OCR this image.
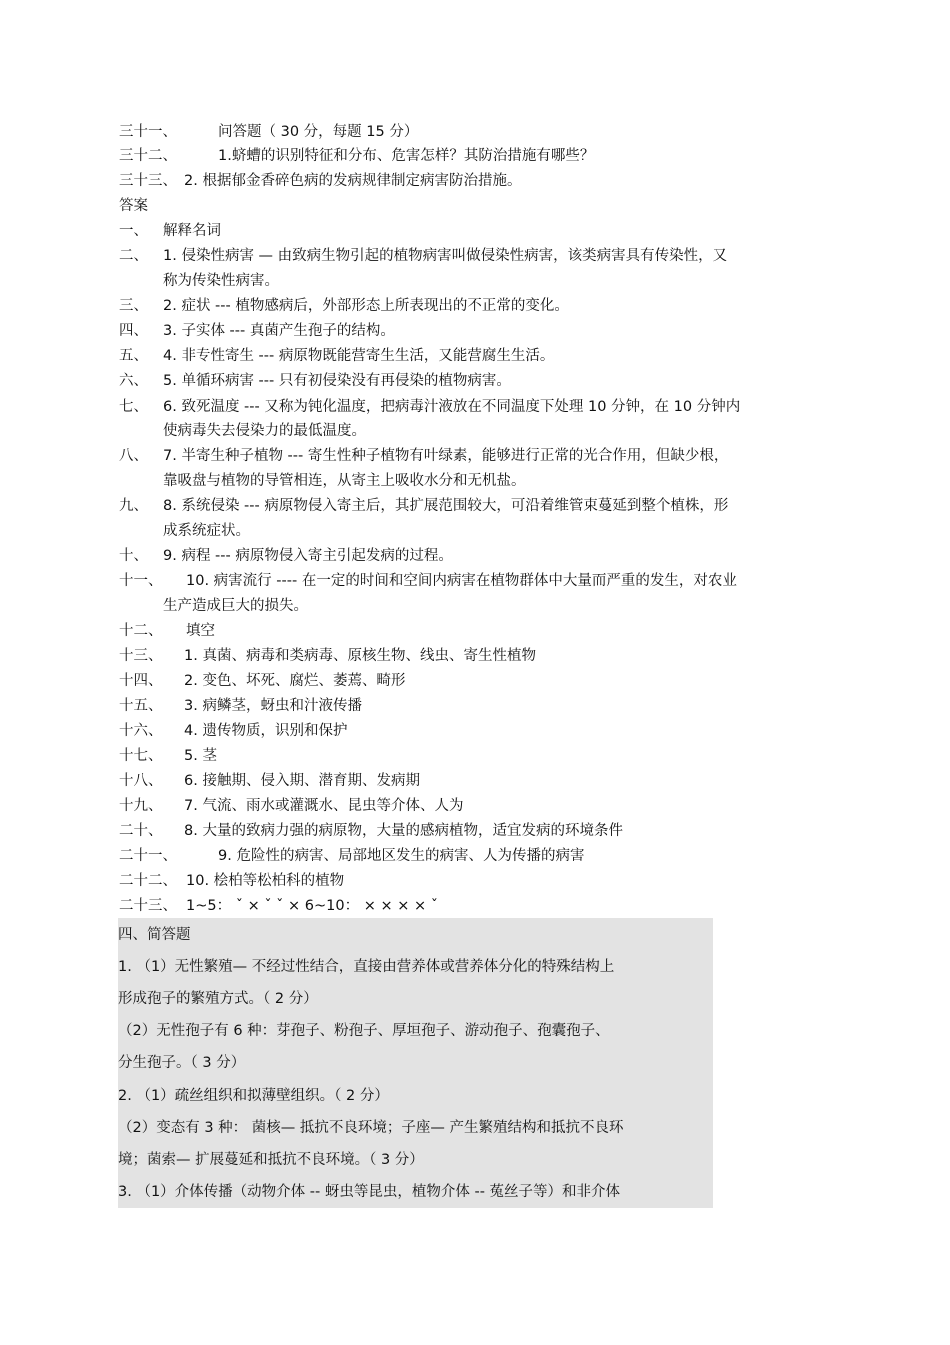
三十一、	问答题（ 30 分，每题 15 分）
三十二、	1.蛴螬的识别特征和分布、危害怎样？其防治措施有哪些？
三十三、 2. 根据郁金香碎色病的发病规律制定病害防治措施。
答案
一、 解释名词
二、 1. 侵染性病害 — 由致病生物引起的植物病害叫做侵染性病害，该类病害具有传染性，又
称为传染性病害。
三、 2. 症状 --- 植物感病后，外部形态上所表现出的不正常的变化。
四、 3. 子实体 --- 真菌产生孢子的结构。
五、 4. 非专性寄生 --- 病原物既能营寄生生活，又能营腐生生活。
六、 5. 单循环病害 --- 只有初侵染没有再侵染的植物病害。
七、 6. 致死温度 --- 又称为钝化温度，把病毒汁液放在不同温度下处理 10 分钟，在 10 分钟内
使病毒失去侵染力的最低温度。
八、 7. 半寄生种子植物 --- 寄生性种子植物有叶绿素，能够进行正常的光合作用，但缺少根，
靠吸盘与植物的导管相连，从寄主上吸收水分和无机盐。
九、 8. 系统侵染 --- 病原物侵入寄主后，其扩展范围较大，可沿着维管束蔓延到整个植株，形
成系统症状。
十、 9. 病程 --- 病原物侵入寄主引起发病的过程。
十一、 10. 病害流行 ---- 在一定的时间和空间内病害在植物群体中大量而严重的发生，对农业
生产造成巨大的损失。
十二、 填空
十三、 1. 真菌、病毒和类病毒、原核生物、线虫、寄生性植物
十四、 2. 变色、坏死、腐烂、萎蔫、畸形
十五、 3. 病鳞茎，蚜虫和汁液传播
十六、 4. 遗传物质，识别和保护
十七、 5. 茎
十八、 6. 接触期、侵入期、潜育期、发病期
十九、 7. 气流、雨水或灌溉水、昆虫等介体、人为
二十、 8. 大量的致病力强的病原物，大量的感病植物，适宜发病的环境条件
二十一、	9. 危险性的病害、局部地区发生的病害、人为传播的病害
二十二、 10. 桧柏等松柏科的植物
二十三、 1~5： ˇ × ˇ ˇ × 6~10： × × × × ˇ
四、简答题
1. （1）无性繁殖— 不经过性结合，直接由营养体或营养体分化的特殊结构上
形成孢子的繁殖方式。（ 2 分）
（2）无性孢子有 6 种：芽孢子、粉孢子、厚垣孢子、游动孢子、孢囊孢子、
分生孢子。（ 3 分）
2. （1）疏丝组织和拟薄壁组织。（ 2 分）
（2）变态有 3 种： 菌核— 抵抗不良环境；子座— 产生繁殖结构和抵抗不良环
境；菌索— 扩展蔓延和抵抗不良环境。（ 3 分）
3. （1）介体传播（动物介体 -- 蚜虫等昆虫，植物介体 -- 菟丝子等）和非介体
